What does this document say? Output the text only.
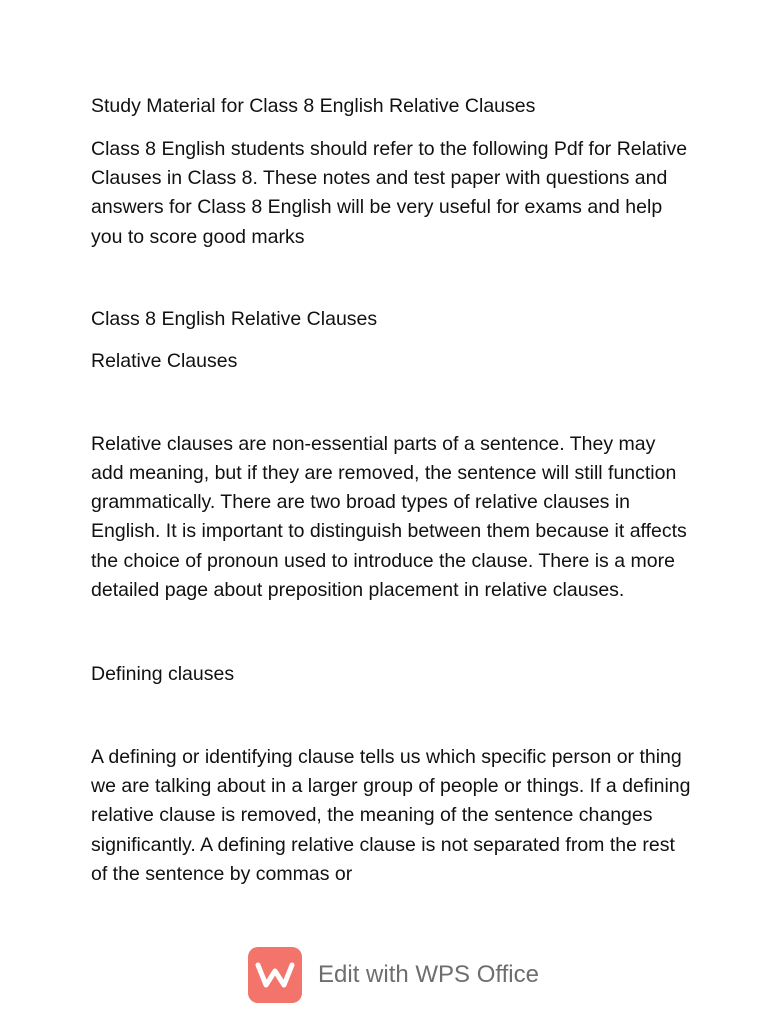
Study Material for Class 8 English Relative Clauses

Class 8 English students should refer to the following Pdf for Relative Clauses in Class 8. These notes and test paper with questions and answers for Class 8 English will be very useful for exams and help you to score good marks

Class 8 English Relative Clauses

Relative Clauses

Relative clauses are non-essential parts of a sentence. They may add meaning, but if they are removed, the sentence will still function grammatically. There are two broad types of relative clauses in English. It is important to distinguish between them because it affects the choice of pronoun used to introduce the clause. There is a more detailed page about preposition placement in relative clauses.

Defining clauses

A defining or identifying clause tells us which specific person or thing we are talking about in a larger group of people or things. If a defining relative clause is removed, the meaning of the sentence changes significantly. A defining relative clause is not separated from the rest of the sentence by commas or

Edit with WPS Office
